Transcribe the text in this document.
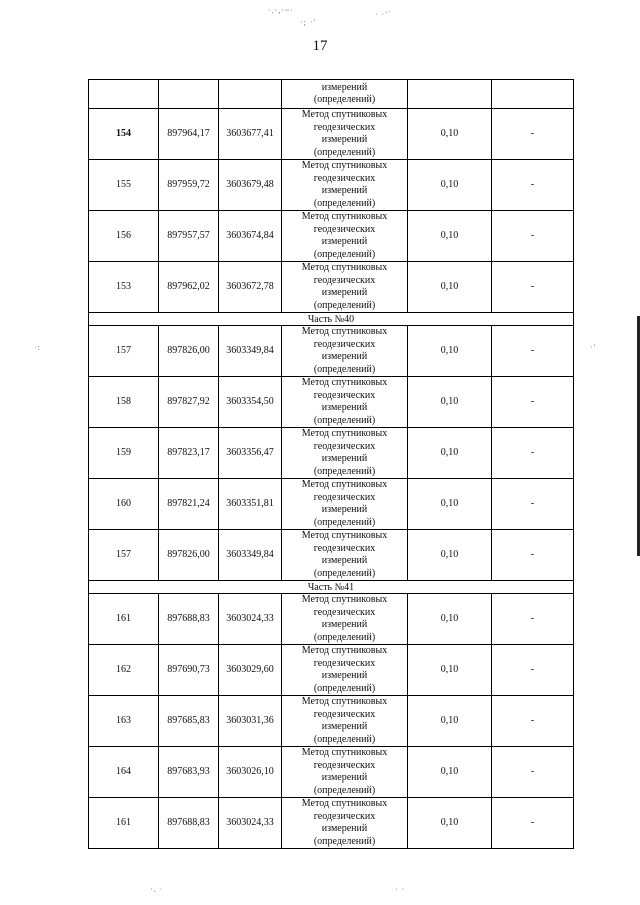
·.·,·~·
·; ·'
· ·'´
·. ·	· ·
·:	·'
17

			измерений
(определений)		

154	897964,17	3603677,41	Метод спутниковых
геодезических
измерений
(определений)	0,10	-
155	897959,72	3603679,48	Метод спутниковых
геодезических
измерений
(определений)	0,10	-
156	897957,57	3603674,84	Метод спутниковых
геодезических
измерений
(определений)	0,10	-
153	897962,02	3603672,78	Метод спутниковых
геодезических
измерений
(определений)	0,10	-
Часть №40					
157	897826,00	3603349,84	Метод спутниковых
геодезических
измерений
(определений)	0,10	-
158	897827,92	3603354,50	Метод спутниковых
геодезических
измерений
(определений)	0,10	-
159	897823,17	3603356,47	Метод спутниковых
геодезических
измерений
(определений)	0,10	-
160	897821,24	3603351,81	Метод спутниковых
геодезических
измерений
(определений)	0,10	-
157	897826,00	3603349,84	Метод спутниковых
геодезических
измерений
(определений)	0,10	-
Часть №41					
161	897688,83	3603024,33	Метод спутниковых
геодезических
измерений
(определений)	0,10	-
162	897690,73	3603029,60	Метод спутниковых
геодезических
измерений
(определений)	0,10	-
163	897685,83	3603031,36	Метод спутниковых
геодезических
измерений
(определений)	0,10	-
164	897683,93	3603026,10	Метод спутниковых
геодезических
измерений
(определений)	0,10	-
161	897688,83	3603024,33	Метод спутниковых
геодезических
измерений
(определений)	0,10	-
